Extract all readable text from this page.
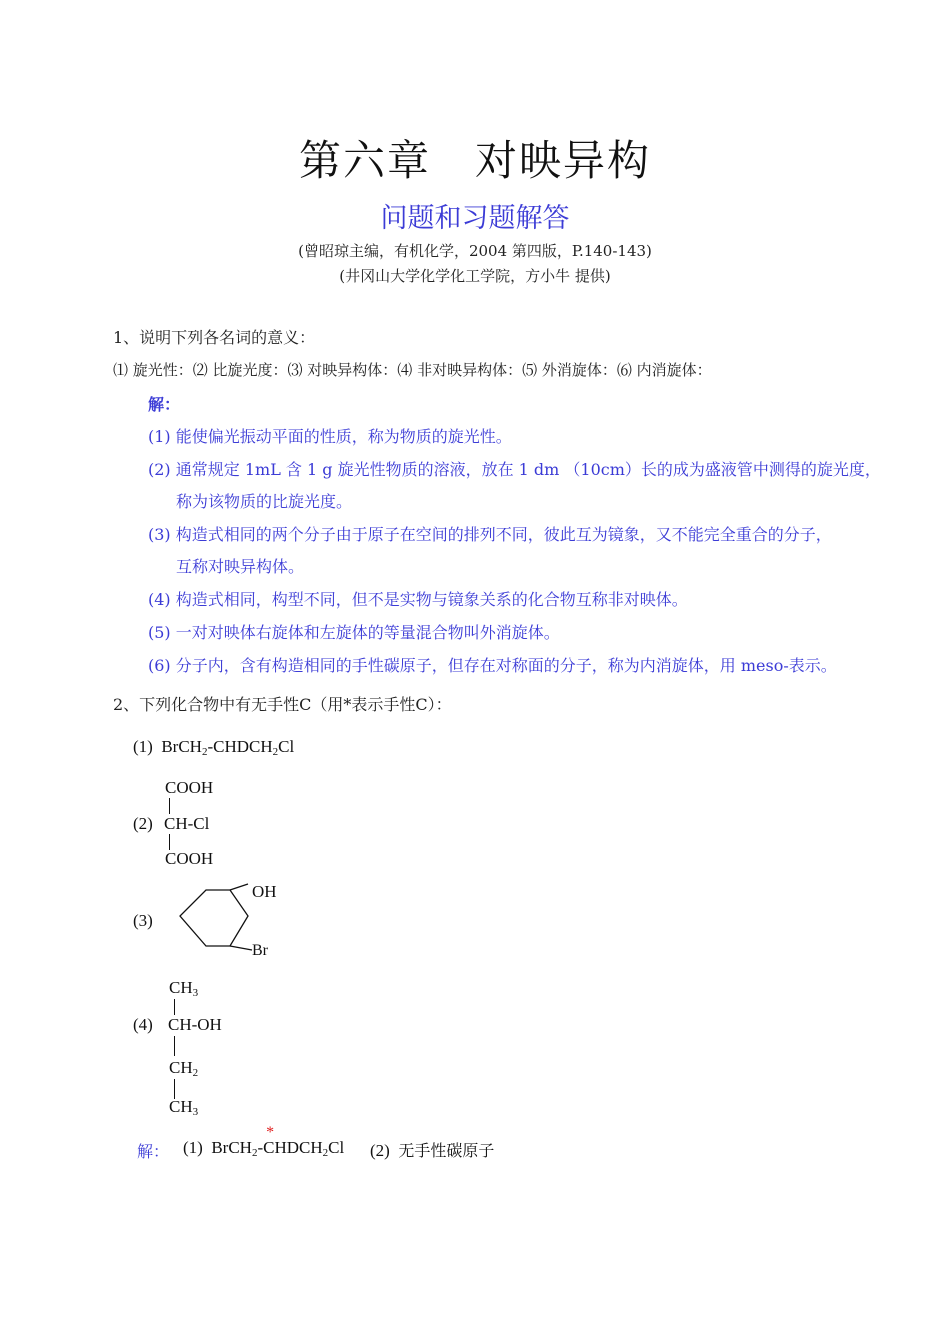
第六章　对映异构
问题和习题解答
(曾昭琼主编，有机化学，2004 第四版，P.140-143)
(井冈山大学化学化工学院，方小牛 提供)
1、说明下列各名词的意义：
⑴ 旋光性：⑵ 比旋光度：⑶ 对映异构体：⑷ 非对映异构体：⑸ 外消旋体：⑹ 内消旋体：
解：
(1) 能使偏光振动平面的性质，称为物质的旋光性。
(2) 通常规定 1mL 含 1 g 旋光性物质的溶液，放在 1 dm （10cm）长的成为盛液管中测得的旋光度，
称为该物质的比旋光度。
(3) 构造式相同的两个分子由于原子在空间的排列不同，彼此互为镜象，又不能完全重合的分子，
互称对映异构体。
(4) 构造式相同，构型不同，但不是实物与镜象关系的化合物互称非对映体。
(5) 一对对映体右旋体和左旋体的等量混合物叫外消旋体。
(6) 分子内，含有构造相同的手性碳原子，但存在对称面的分子，称为内消旋体，用 meso-表示。
2、下列化合物中有无手性C（用*表示手性C）：
(1) $BrCH_2-CHDCH_2Cl$
COOH
(2) CH-Cl
COOH
(3)
OH
Br
$CH_3$
(4) CH-OH
$CH_2$
$CH_3$
解： (1) BrCH$_2$-
*
$CHDCH_2Cl$ (2) 无手性碳原子
